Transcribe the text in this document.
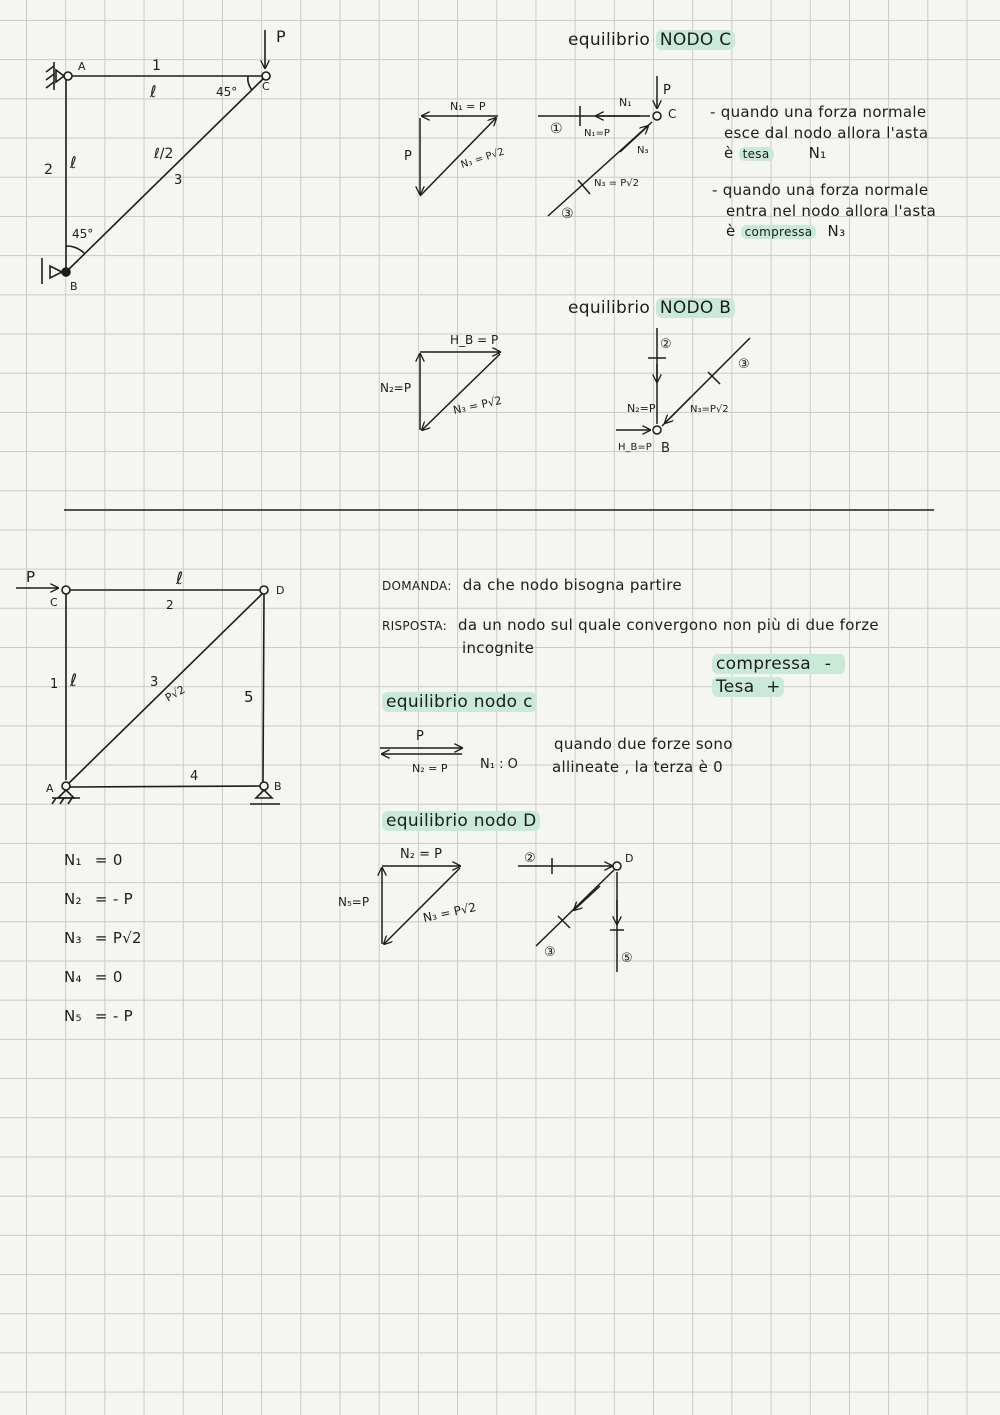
A
B
C
P
1
ℓ
2 ℓ	ℓ/2
3
45°
45°
N₁ = P
P	N₃ = P√2
①
N₁
N₁=P
P
C
N₃
N₃ = P√2
③
H_B = P
N₂=P
N₃ = P√2
②
③
N₂=P	N₃=P√2
H_B=P B
P
C
D
A	B
ℓ
2
1 ℓ	3
P√2
4
5
P
N₂ = P	N₁ : O
N₂ = P
N₅=P	N₃ = P√2
②	D
③	⑤
equilibrio NODO C
- quando una forza normale
esce dal nodo allora l'asta
è tesa	N₁
- quando una forza normale
entra nel nodo allora l'asta
è compressa N₃
equilibrio NODO B
DOMANDA: da che nodo bisogna partire
RISPOSTA: da un nodo sul quale convergono non più di due forze
incognite
compressa -
Tesa +
equilibrio nodo c
quando due forze sono
allineate , la terza è 0
equilibrio nodo D
N₁ = 0
N₂ = - P
N₃ = P√2
N₄ = 0
N₅ = - P
